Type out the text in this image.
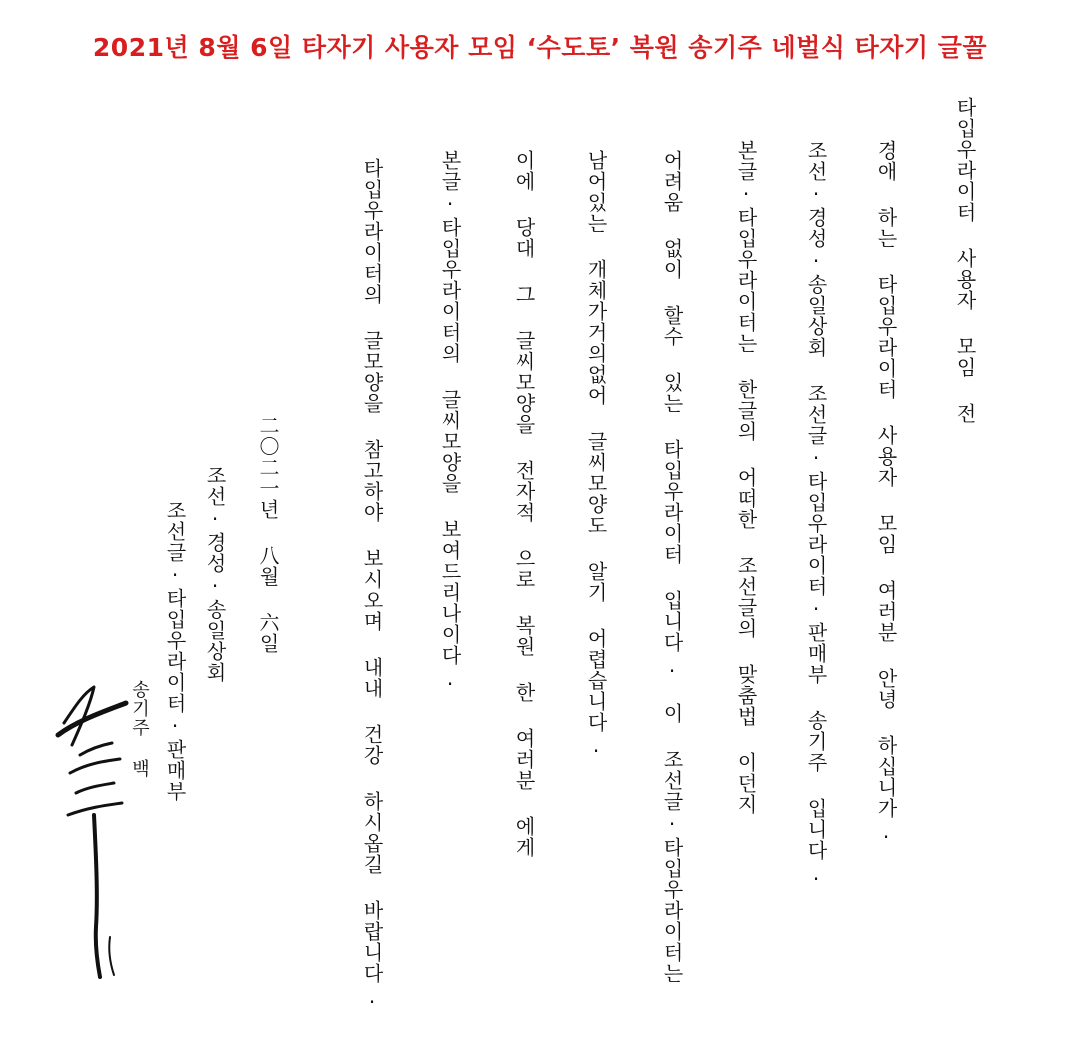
2021년 8월 6일 타자기 사용자 모임 ‘수도토’ 복원 송기주 네벌식 타자기 글꼴
타입우라이터 사용자 모임 전
경애 하는 타입우라이터 사용자 모임 여러분 안녕 하십니가.
조선·경성·송일상회 조선글·타입우라이터·판매부 송기주 입니다.
본글·타입우라이터는 한글의 어떠한 조선글의 맞춤법 이던지
어려움 없이 할수 있는 타입우라이터 입니다. 이 조선글·타입우라이터는
남어있는 개체가거의없어 글씨모양도 알기 어렵습니다.
이에 당대 그 글씨모양을 전자적 으로 복원 한 여러분 에게
본글·타입우라이터의 글씨모양을 보여드리나이다.
타입우라이터의 글모양을 참고하야 보시오며 내내 건강 하시옵길 바랍니다.
二〇二一년 八월 六일
조선·경성·송일상회
조선글·타입우라이터·판매부
송기주 백
